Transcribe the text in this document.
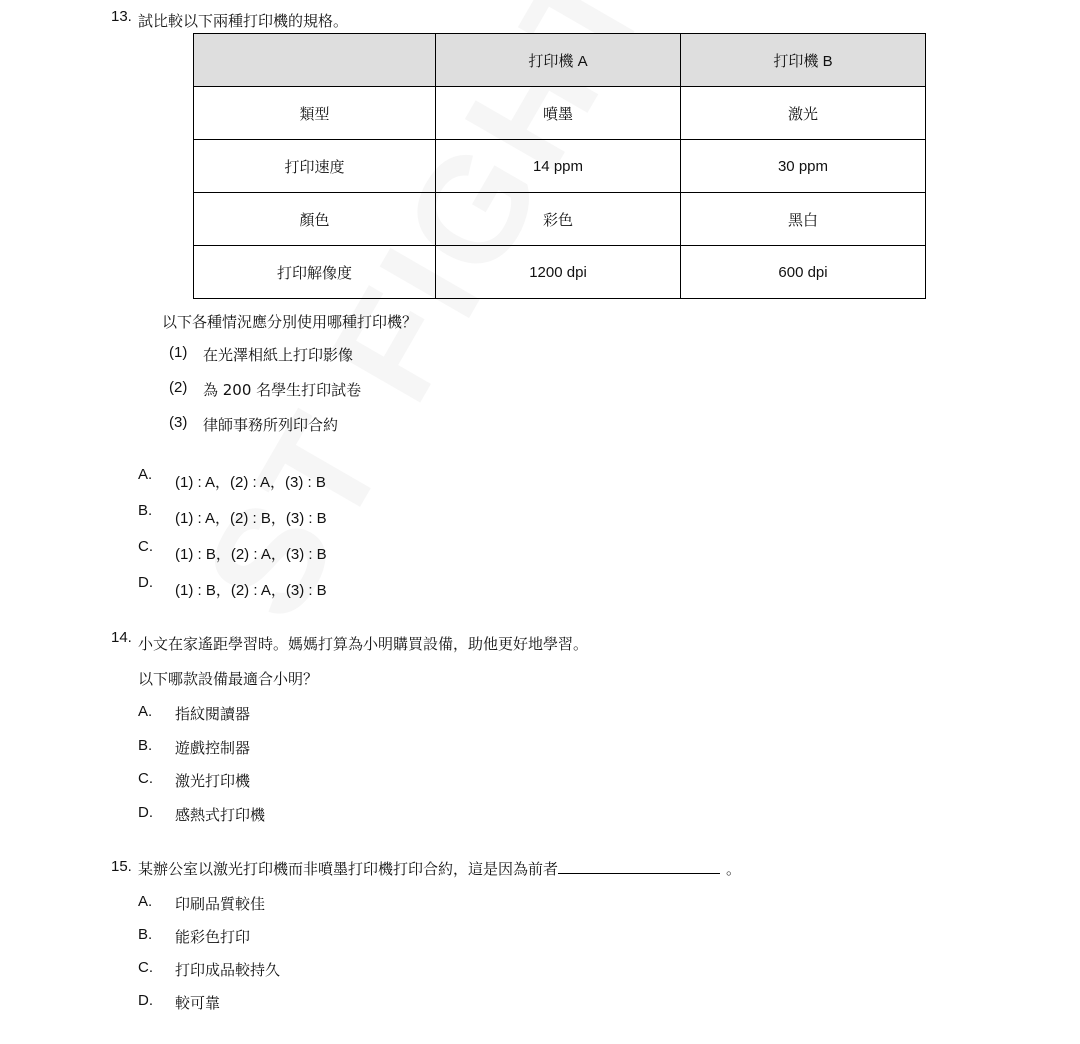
13. 試比較以下兩種打印機的規格。
	打印機 A	打印機 B
類型	噴墨	激光
打印速度	14 ppm	30 ppm
顏色	彩色	黑白
打印解像度	1200 dpi	600 dpi
以下各種情況應分別使用哪種打印機？
(1) 在光澤相紙上打印影像
(2) 為 200 名學生打印試卷
(3) 律師事務所列印合約
A. (1) : A，(2) : A，(3) : B
B. (1) : A，(2) : B，(3) : B
C. (1) : B，(2) : A，(3) : B
D. (1) : B，(2) : A，(3) : B
14. 小文在家遙距學習時。媽媽打算為小明購買設備，助他更好地學習。
以下哪款設備最適合小明？
A. 指紋閱讀器
B. 遊戲控制器
C. 激光打印機
D. 感熱式打印機
15. 某辦公室以激光打印機而非噴墨打印機打印合約，這是因為前者	。
A. 印刷品質較佳
B. 能彩色打印
C. 打印成品較持久
D. 較可靠
